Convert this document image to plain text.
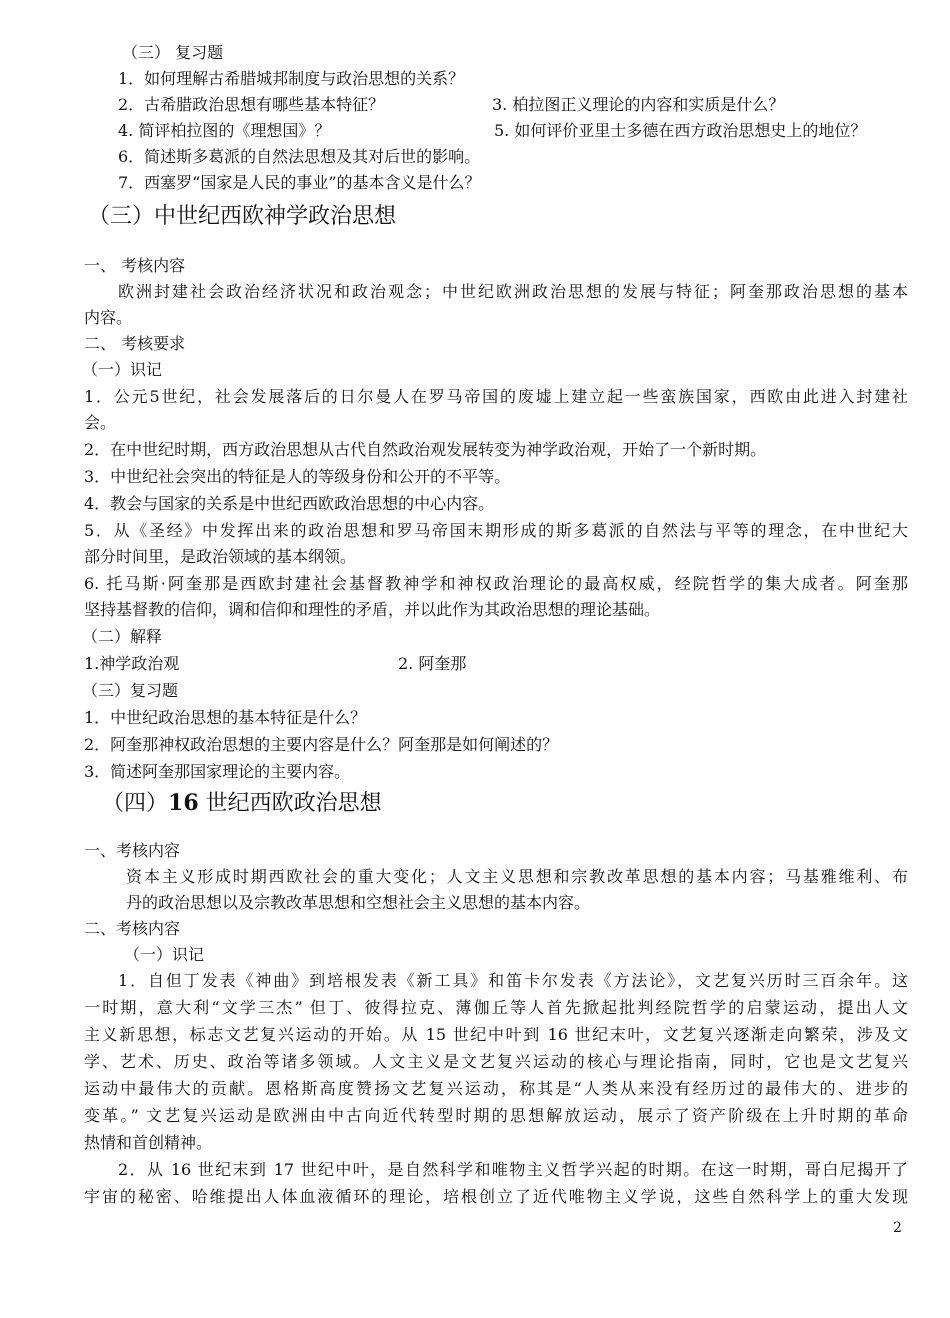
（三） 复习题
1．如何理解古希腊城邦制度与政治思想的关系？
2．古希腊政治思想有哪些基本特征？	3. 柏拉图正义理论的内容和实质是什么？
4. 简评柏拉图的《理想国》？	5. 如何评价亚里士多德在西方政治思想史上的地位？
6．简述斯多葛派的自然法思想及其对后世的影响。
7．西塞罗“国家是人民的事业”的基本含义是什么？
（三）中世纪西欧神学政治思想
一、 考核内容
欧洲封建社会政治经济状况和政治观念；中世纪欧洲政治思想的发展与特征；阿奎那政治思想的基本
内容。
二、 考核要求
（一）识记
1．公元5世纪，社会发展落后的日尔曼人在罗马帝国的废墟上建立起一些蛮族国家，西欧由此进入封建社
会。
2．在中世纪时期，西方政治思想从古代自然政治观发展转变为神学政治观，开始了一个新时期。
3．中世纪社会突出的特征是人的等级身份和公开的不平等。
4．教会与国家的关系是中世纪西欧政治思想的中心内容。
5．从《圣经》中发挥出来的政治思想和罗马帝国末期形成的斯多葛派的自然法与平等的理念，在中世纪大
部分时间里，是政治领域的基本纲领。
6. 托马斯·阿奎那是西欧封建社会基督教神学和神权政治理论的最高权威，经院哲学的集大成者。阿奎那
坚持基督教的信仰，调和信仰和理性的矛盾，并以此作为其政治思想的理论基础。
（二）解释
1.神学政治观	2. 阿奎那
（三）复习题
1．中世纪政治思想的基本特征是什么？
2．阿奎那神权政治思想的主要内容是什么？阿奎那是如何阐述的？
3．简述阿奎那国家理论的主要内容。
（四）16 世纪西欧政治思想
一、考核内容
资本主义形成时期西欧社会的重大变化；人文主义思想和宗教改革思想的基本内容；马基雅维利、布
丹的政治思想以及宗教改革思想和空想社会主义思想的基本内容。
二、考核内容
（一）识记
1．自但丁发表《神曲》到培根发表《新工具》和笛卡尔发表《方法论》，文艺复兴历时三百余年。这
一时期，意大利“文学三杰” 但丁、彼得拉克、薄伽丘等人首先掀起批判经院哲学的启蒙运动，提出人文
主义新思想，标志文艺复兴运动的开始。从 15 世纪中叶到 16 世纪末叶，文艺复兴逐渐走向繁荣，涉及文
学、艺术、历史、政治等诸多领域。人文主义是文艺复兴运动的核心与理论指南，同时，它也是文艺复兴
运动中最伟大的贡献。恩格斯高度赞扬文艺复兴运动，称其是“人类从来没有经历过的最伟大的、进步的
变革。” 文艺复兴运动是欧洲由中古向近代转型时期的思想解放运动，展示了资产阶级在上升时期的革命
热情和首创精神。
2．从 16 世纪末到 17 世纪中叶，是自然科学和唯物主义哲学兴起的时期。在这一时期，哥白尼揭开了
宇宙的秘密、哈维提出人体血液循环的理论，培根创立了近代唯物主义学说，这些自然科学上的重大发现
2
